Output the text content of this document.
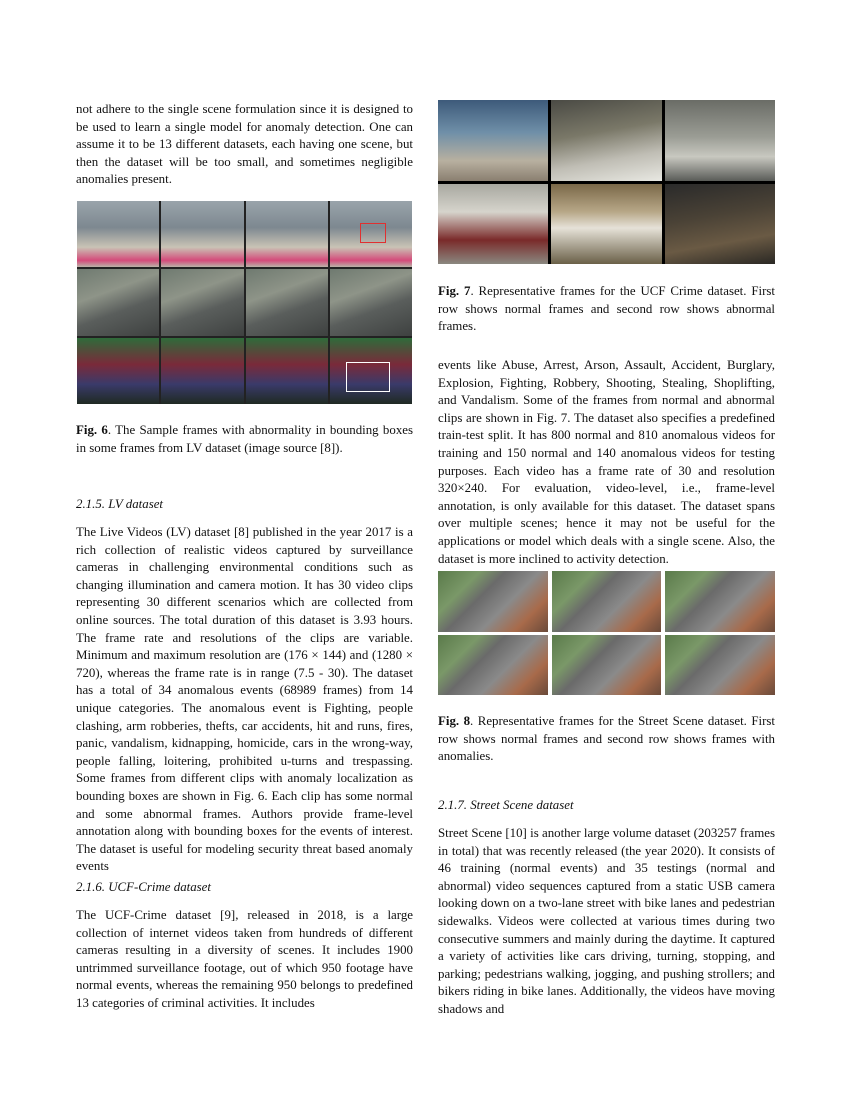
not adhere to the single scene formulation since it is designed to be used to learn a single model for anomaly detection. One can assume it to be 13 different datasets, each having one scene, but then the dataset will be too small, and sometimes negligible anomalies present.

Fig. 6. The Sample frames with abnormality in bounding boxes in some frames from LV dataset (image source [8]).

2.1.5. LV dataset

The Live Videos (LV) dataset [8] published in the year 2017 is a rich collection of realistic videos captured by surveillance cameras in challenging environmental conditions such as changing illumination and camera motion. It has 30 video clips representing 30 different scenarios which are collected from online sources. The total duration of this dataset is 3.93 hours. The frame rate and resolutions of the clips are variable. Minimum and maximum resolution are (176 × 144) and (1280 × 720), whereas the frame rate is in range (7.5 - 30). The dataset has a total of 34 anomalous events (68989 frames) from 14 unique categories. The anomalous event is Fighting, people clashing, arm robberies, thefts, car accidents, hit and runs, fires, panic, vandalism, kidnapping, homicide, cars in the wrong-way, people falling, loitering, prohibited u-turns and trespassing. Some frames from different clips with anomaly localization as bounding boxes are shown in Fig. 6. Each clip has some normal and some abnormal frames. Authors provide frame-level annotation along with bounding boxes for the events of interest. The dataset is useful for modeling security threat based anomaly events

2.1.6. UCF-Crime dataset

The UCF-Crime dataset [9], released in 2018, is a large collection of internet videos taken from hundreds of different cameras resulting in a diversity of scenes. It includes 1900 untrimmed surveillance footage, out of which 950 footage have normal events, whereas the remaining 950 belongs to predefined 13 categories of criminal activities. It includes

Fig. 7. Representative frames for the UCF Crime dataset. First row shows normal frames and second row shows abnormal frames.

events like Abuse, Arrest, Arson, Assault, Accident, Burglary, Explosion, Fighting, Robbery, Shooting, Stealing, Shoplifting, and Vandalism. Some of the frames from normal and abnormal clips are shown in Fig. 7. The dataset also specifies a predefined train-test split. It has 800 normal and 810 anomalous videos for training and 150 normal and 140 anomalous videos for testing purposes. Each video has a frame rate of 30 and resolution 320×240. For evaluation, video-level, i.e., frame-level annotation, is only available for this dataset. The dataset spans over multiple scenes; hence it may not be useful for the applications or model which deals with a single scene. Also, the dataset is more inclined to activity detection.

Fig. 8. Representative frames for the Street Scene dataset. First row shows normal frames and second row shows frames with anomalies.

2.1.7. Street Scene dataset

Street Scene [10] is another large volume dataset (203257 frames in total) that was recently released (the year 2020). It consists of 46 training (normal events) and 35 testings (normal and abnormal) video sequences captured from a static USB camera looking down on a two-lane street with bike lanes and pedestrian sidewalks. Videos were collected at various times during two consecutive summers and mainly during the daytime. It captured a variety of activities like cars driving, turning, stopping, and parking; pedestrians walking, jogging, and pushing strollers; and bikers riding in bike lanes. Additionally, the videos have moving shadows and
